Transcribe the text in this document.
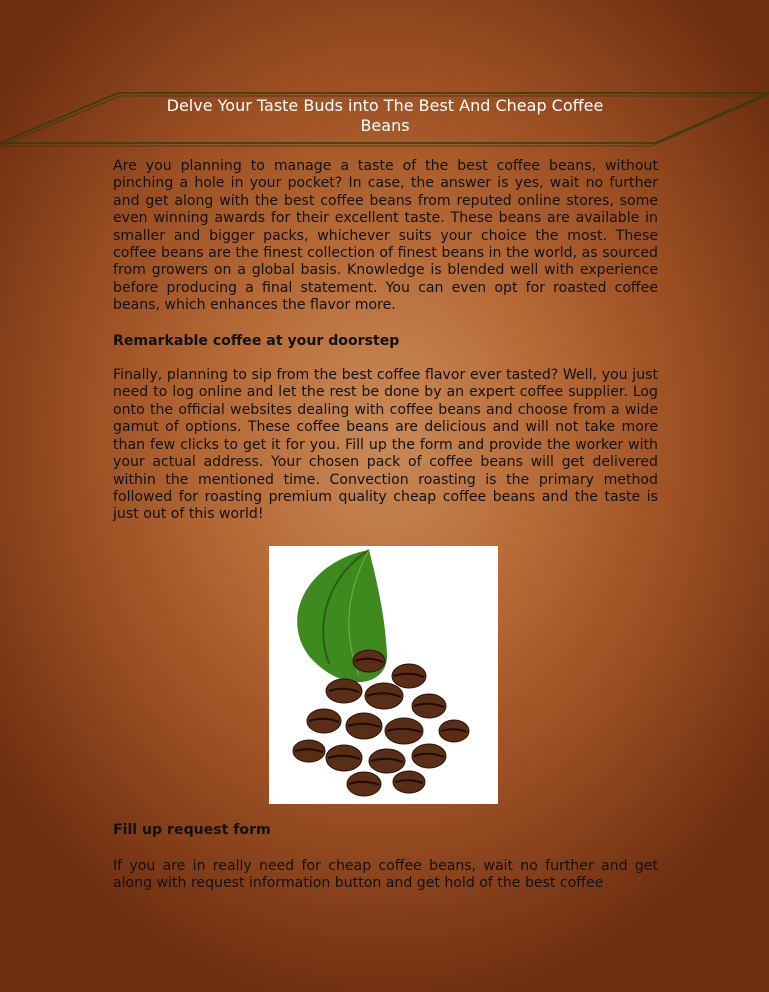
Delve Your Taste Buds into The Best And Cheap Coffee Beans

Are you planning to manage a taste of the best coffee beans, without pinching a hole in your pocket? In case, the answer is yes, wait no further and get along with the best coffee beans from reputed online stores, some even winning awards for their excellent taste. These beans are available in smaller and bigger packs, whichever suits your choice the most. These coffee beans are the finest collection of finest beans in the world, as sourced from growers on a global basis. Knowledge is blended well with experience before producing a final statement. You can even opt for roasted coffee beans, which enhances the flavor more.

Remarkable coffee at your doorstep

Finally, planning to sip from the best coffee flavor ever tasted? Well, you just need to log online and let the rest be done by an expert coffee supplier. Log onto the official websites dealing with coffee beans and choose from a wide gamut of options. These coffee beans are delicious and will not take more than few clicks to get it for you. Fill up the form and provide the worker with your actual address. Your chosen pack of coffee beans will get delivered within the mentioned time. Convection roasting is the primary method followed for roasting premium quality cheap coffee beans and the taste is just out of this world!

Fill up request form
If you are in really need for cheap coffee beans, wait no further and get along with request information button and get hold of the best coffee
